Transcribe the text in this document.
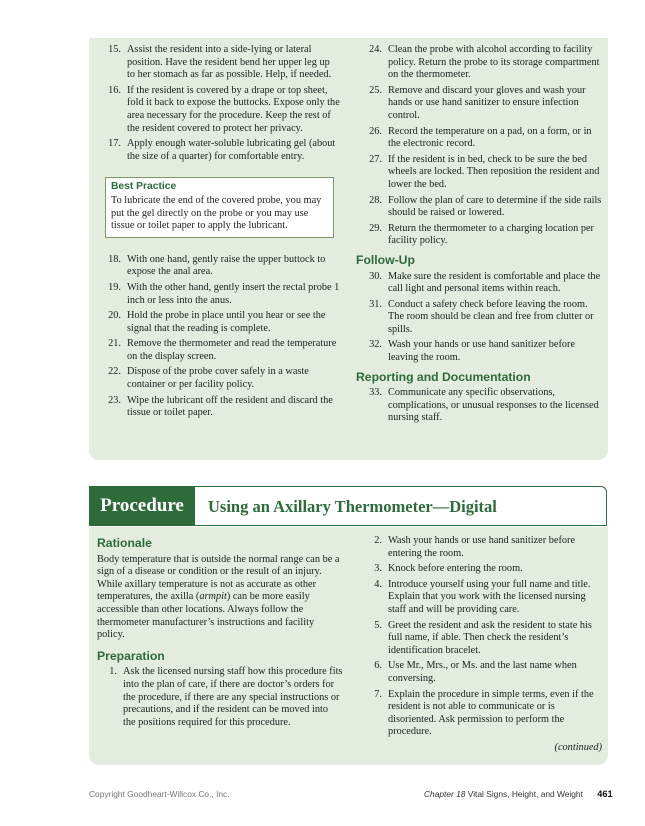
15. Assist the resident into a side-lying or lateral position. Have the resident bend her upper leg up to her stomach as far as possible. Help, if needed.
16. If the resident is covered by a drape or top sheet, fold it back to expose the buttocks. Expose only the area necessary for the procedure. Keep the rest of the resident covered to protect her privacy.
17. Apply enough water-soluble lubricating gel (about the size of a quarter) for comfortable entry.
Best Practice
To lubricate the end of the covered probe, you may put the gel directly on the probe or you may use tissue or toilet paper to apply the lubricant.
18. With one hand, gently raise the upper buttock to expose the anal area.
19. With the other hand, gently insert the rectal probe 1 inch or less into the anus.
20. Hold the probe in place until you hear or see the signal that the reading is complete.
21. Remove the thermometer and read the temperature on the display screen.
22. Dispose of the probe cover safely in a waste container or per facility policy.
23. Wipe the lubricant off the resident and discard the tissue or toilet paper.
24. Clean the probe with alcohol according to facility policy. Return the probe to its storage compartment on the thermometer.
25. Remove and discard your gloves and wash your hands or use hand sanitizer to ensure infection control.
26. Record the temperature on a pad, on a form, or in the electronic record.
27. If the resident is in bed, check to be sure the bed wheels are locked. Then reposition the resident and lower the bed.
28. Follow the plan of care to determine if the side rails should be raised or lowered.
29. Return the thermometer to a charging location per facility policy.
Follow-Up
30. Make sure the resident is comfortable and place the call light and personal items within reach.
31. Conduct a safety check before leaving the room. The room should be clean and free from clutter or spills.
32. Wash your hands or use hand sanitizer before leaving the room.
Reporting and Documentation
33. Communicate any specific observations, complications, or unusual responses to the licensed nursing staff.
Procedure	Using an Axillary Thermometer—Digital
Rationale

Body temperature that is outside the normal range can be a sign of a disease or condition or the result of an injury. While axillary temperature is not as accurate as other temperatures, the axilla (armpit) can be more easily accessible than other locations. Always follow the thermometer manufacturer’s instructions and facility policy.

Preparation
1. Ask the licensed nursing staff how this procedure fits into the plan of care, if there are doctor’s orders for the procedure, if there are any special instructions or precautions, and if the resident can be moved into the positions required for this procedure.
2. Wash your hands or use hand sanitizer before entering the room.
3. Knock before entering the room.
4. Introduce yourself using your full name and title. Explain that you work with the licensed nursing staff and will be providing care.
5. Greet the resident and ask the resident to state his full name, if able. Then check the resident’s identification bracelet.
6. Use Mr., Mrs., or Ms. and the last name when conversing.
7. Explain the procedure in simple terms, even if the resident is not able to communicate or is disoriented. Ask permission to perform the procedure.
(continued)
Copyright Goodheart-Willcox Co., Inc.	Chapter 18 Vital Signs, Height, and Weight 461
